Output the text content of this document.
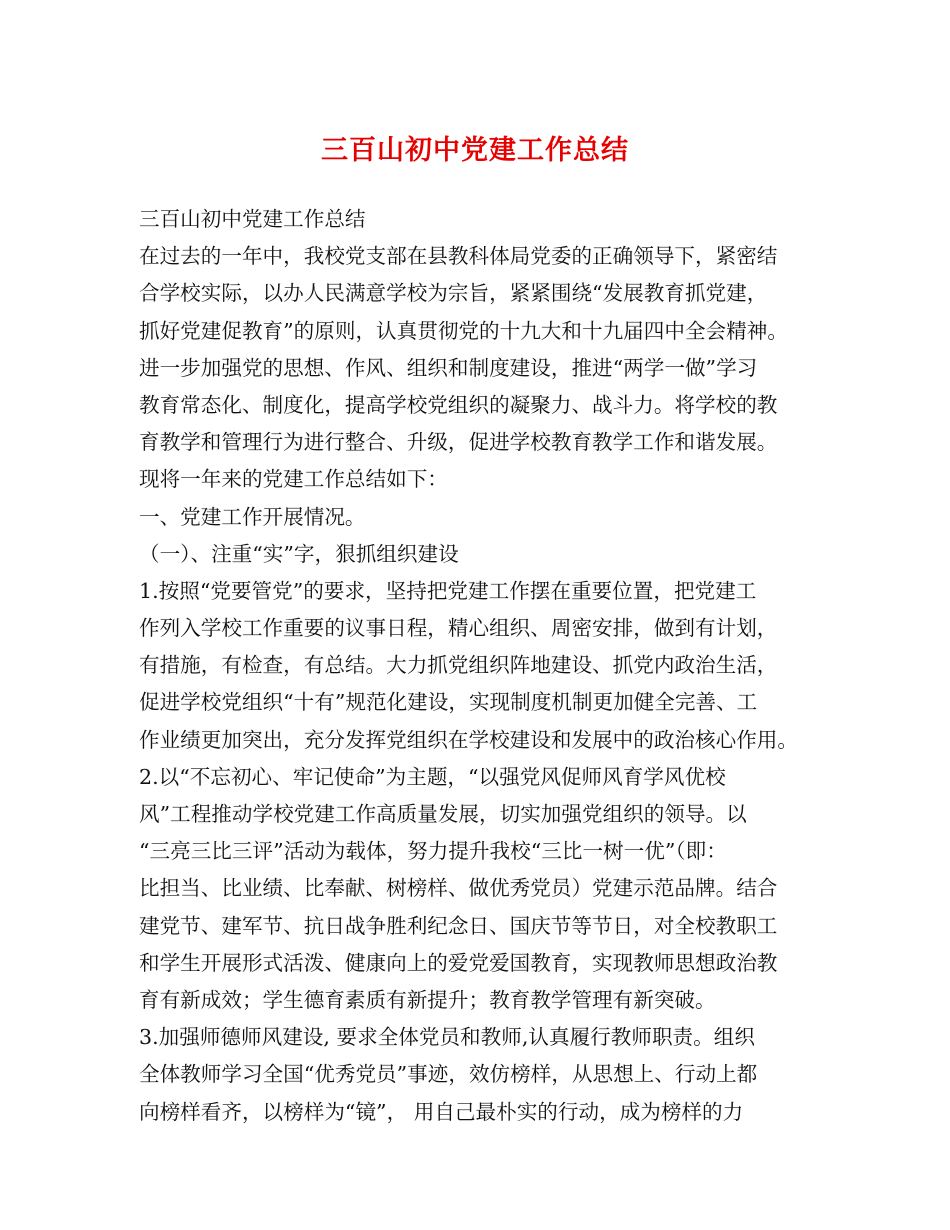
三百山初中党建工作总结
三百山初中党建工作总结
在过去的一年中，我校党支部在县教科体局党委的正确领导下，紧密结
合学校实际，以办人民满意学校为宗旨，紧紧围绕“发展教育抓党建，
抓好党建促教育”的原则，认真贯彻党的十九大和十九届四中全会精神。
进一步加强党的思想、作风、组织和制度建设，推进“两学一做”学习
教育常态化、制度化，提高学校党组织的凝聚力、战斗力。将学校的教
育教学和管理行为进行整合、升级，促进学校教育教学工作和谐发展。
现将一年来的党建工作总结如下：
一、党建工作开展情况。
（一）、注重“实”字，狠抓组织建设
1.按照“党要管党”的要求，坚持把党建工作摆在重要位置，把党建工
作列入学校工作重要的议事日程，精心组织、周密安排，做到有计划，
有措施，有检查，有总结。大力抓党组织阵地建设、抓党内政治生活，
促进学校党组织“十有”规范化建设，实现制度机制更加健全完善、工
作业绩更加突出，充分发挥党组织在学校建设和发展中的政治核心作用。
2.以“不忘初心、牢记使命”为主题，“以强党风促师风育学风优校
风”工程推动学校党建工作高质量发展，切实加强党组织的领导。以
“三亮三比三评”活动为载体，努力提升我校“三比一树一优”（即：
比担当、比业绩、比奉献、树榜样、做优秀党员）党建示范品牌。结合
建党节、建军节、抗日战争胜利纪念日、国庆节等节日，对全校教职工
和学生开展形式活泼、健康向上的爱党爱国教育，实现教师思想政治教
育有新成效；学生德育素质有新提升；教育教学管理有新突破。
3.加强师德师风建设, 要求全体党员和教师,认真履行教师职责。组织
全体教师学习全国“优秀党员”事迹，效仿榜样，从思想上、行动上都
向榜样看齐，以榜样为“镜”， 用自己最朴实的行动，成为榜样的力
